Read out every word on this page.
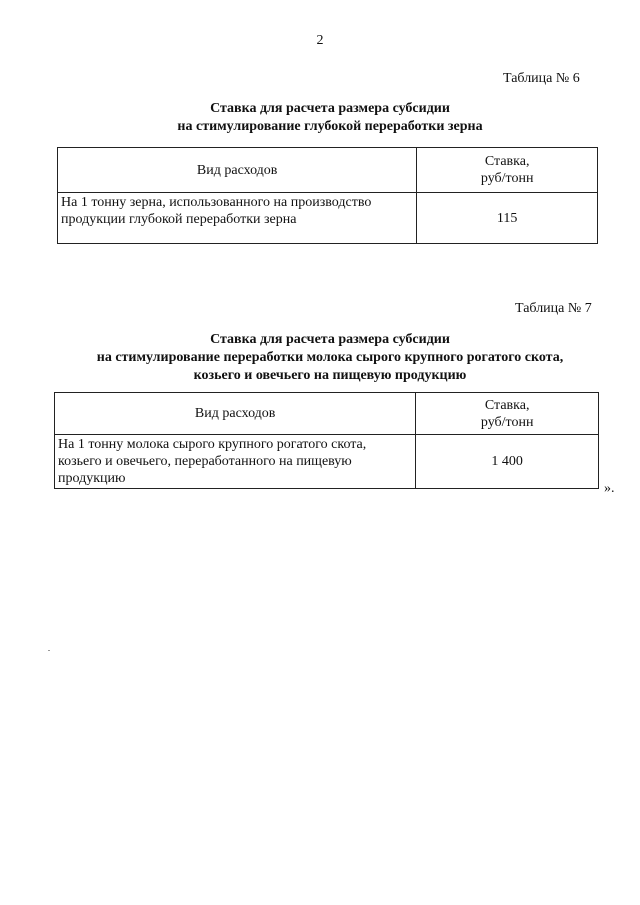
2
Таблица № 6
Ставка для расчета размера субсидии
на стимулирование глубокой переработки зерна
Вид расходов	Ставка,
руб/тонн

На 1 тонну зерна, использованного на производство продукции глубокой переработки зерна	115
Таблица № 7
Ставка для расчета размера субсидии
на стимулирование переработки молока сырого крупного рогатого скота,
козьего и овечьего на пищевую продукцию
Вид расходов	Ставка,
руб/тонн

На 1 тонну молока сырого крупного рогатого скота, козьего и овечьего, переработанного на пищевую продукцию	1 400
».
